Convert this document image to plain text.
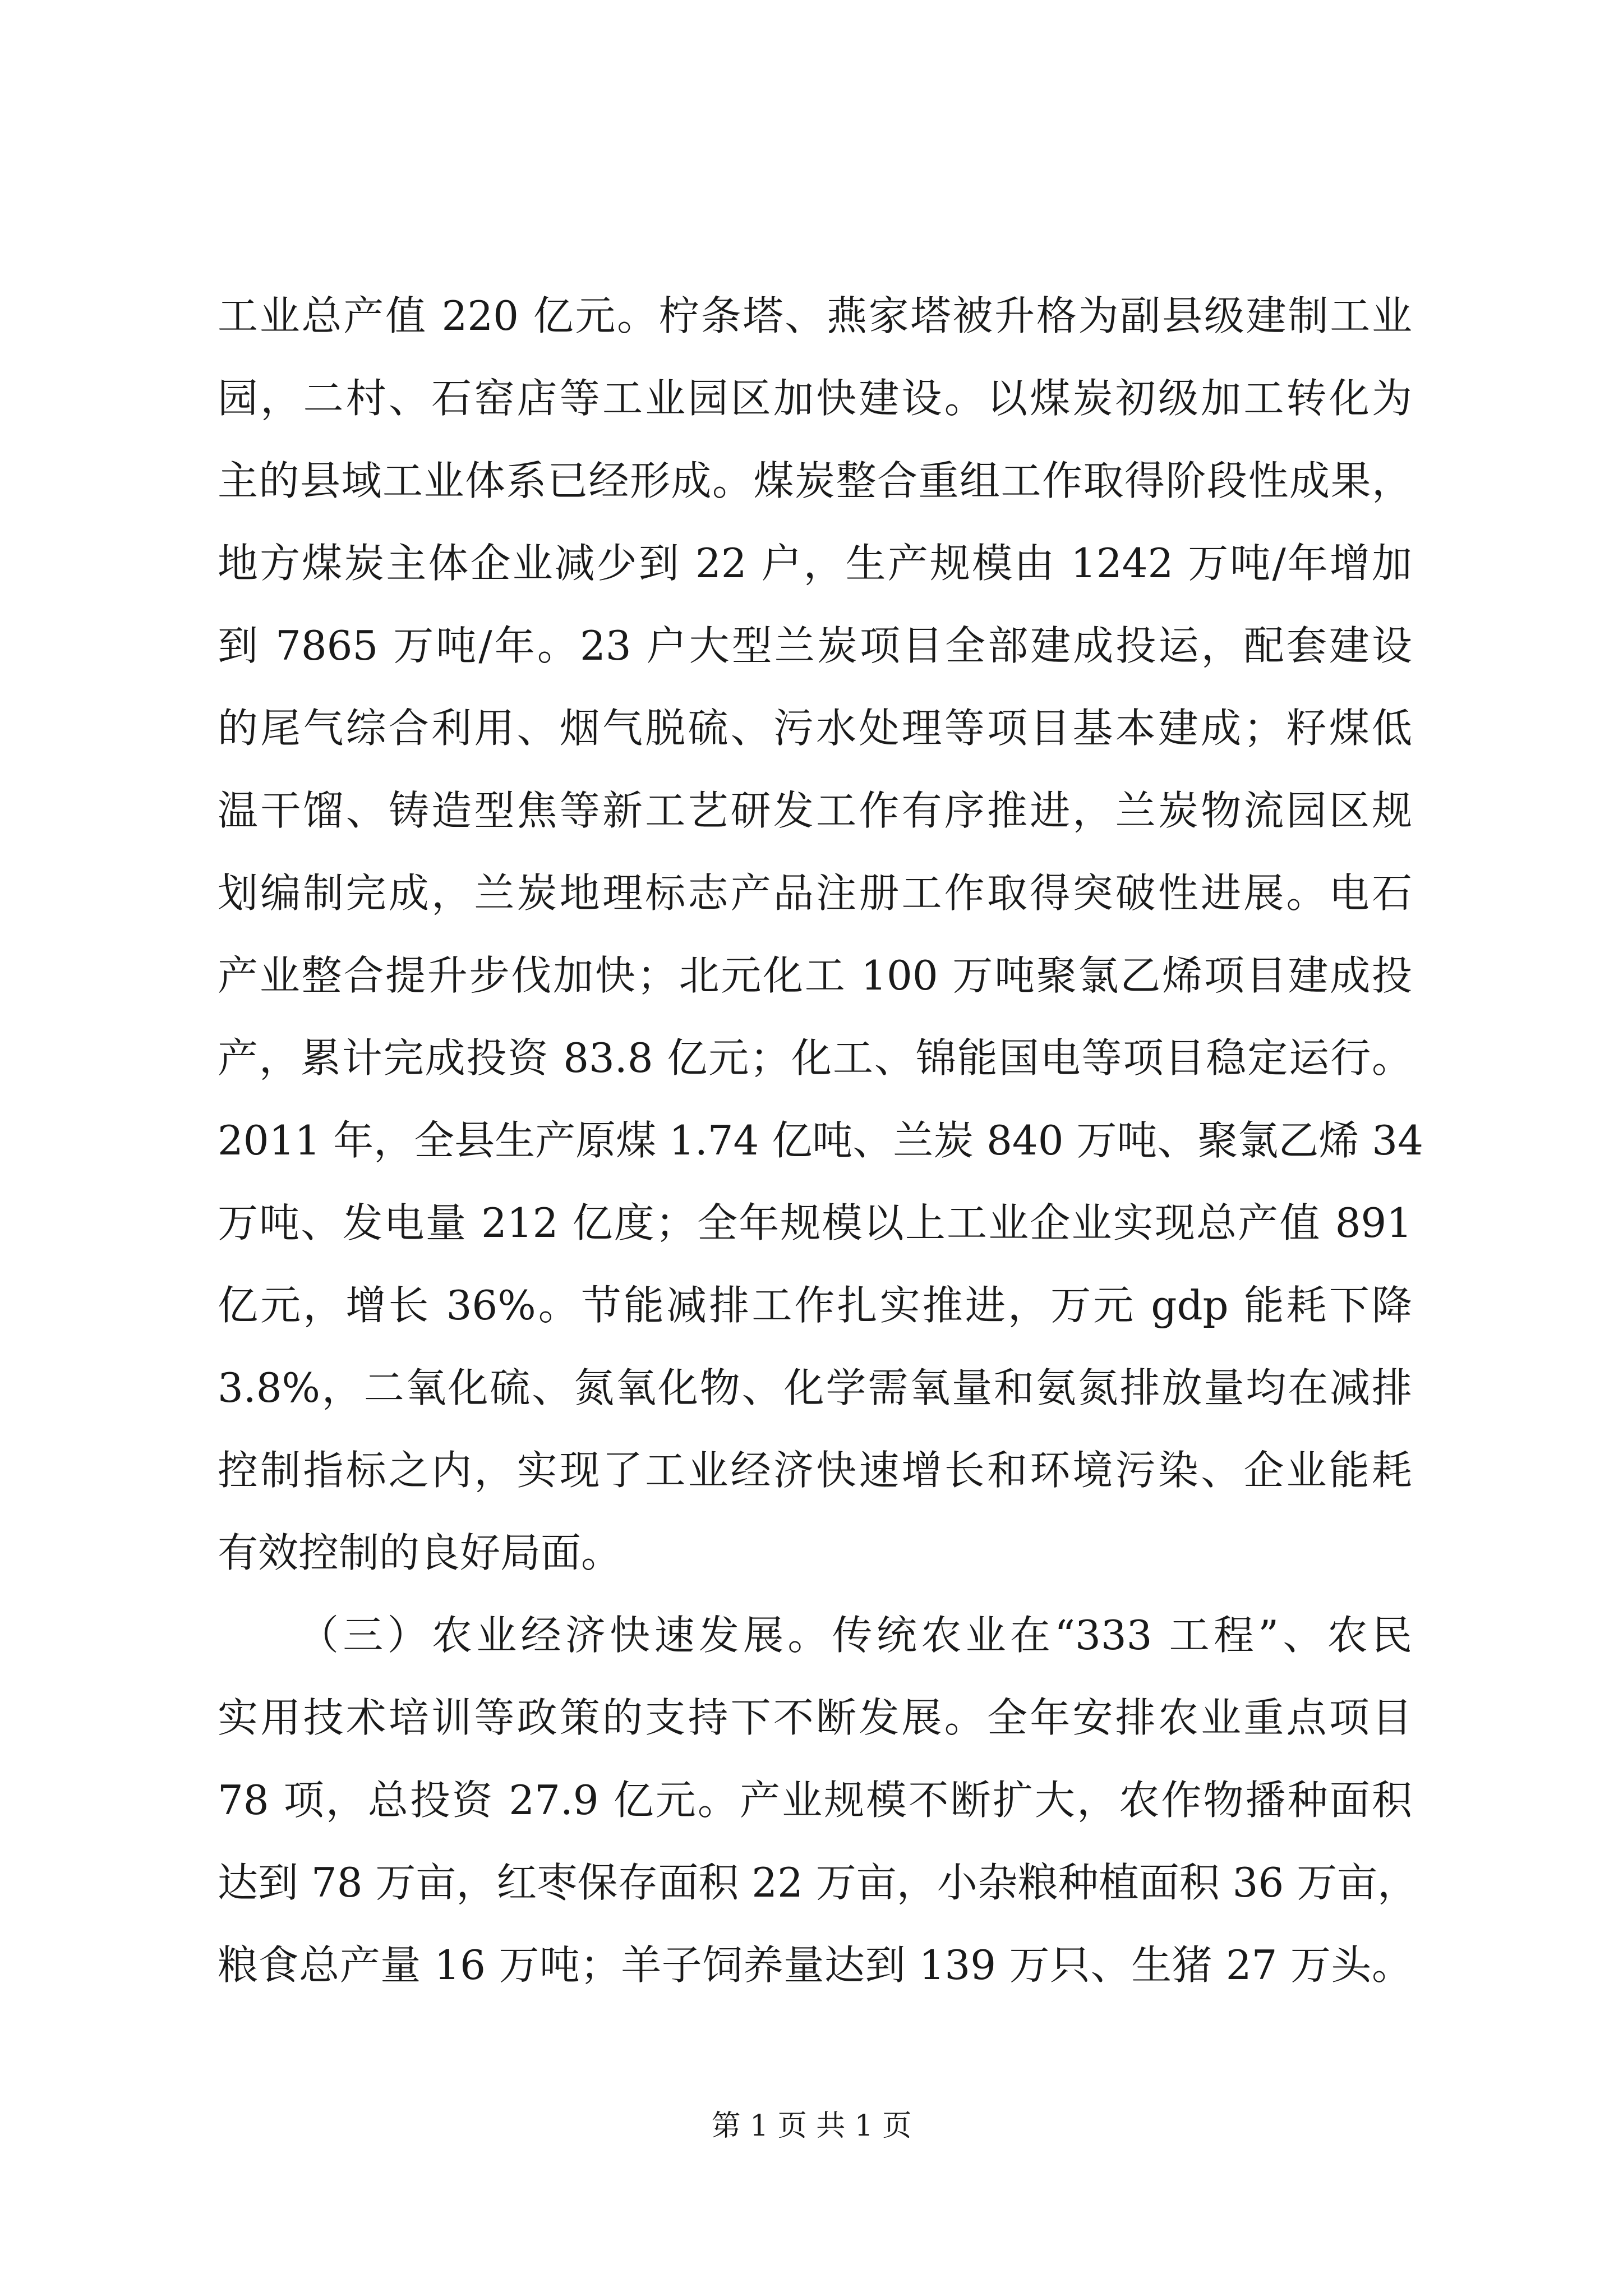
工业总产值 220 亿元。柠条塔、燕家塔被升格为副县级建制工业
园，二村、石窑店等工业园区加快建设。以煤炭初级加工转化为
主的县域工业体系已经形成。煤炭整合重组工作取得阶段性成果，
地方煤炭主体企业减少到 22 户，生产规模由 1242 万吨/年增加
到 7865 万吨/年。23 户大型兰炭项目全部建成投运，配套建设
的尾气综合利用、烟气脱硫、污水处理等项目基本建成；籽煤低
温干馏、铸造型焦等新工艺研发工作有序推进，兰炭物流园区规
划编制完成，兰炭地理标志产品注册工作取得突破性进展。电石
产业整合提升步伐加快；北元化工 100 万吨聚氯乙烯项目建成投
产，累计完成投资 83.8 亿元；化工、锦能国电等项目稳定运行。
2011 年，全县生产原煤 1.74 亿吨、兰炭 840 万吨、聚氯乙烯 34
万吨、发电量 212 亿度；全年规模以上工业企业实现总产值 891
亿元，增长 36%。节能减排工作扎实推进，万元 gdp 能耗下降
3.8%，二氧化硫、氮氧化物、化学需氧量和氨氮排放量均在减排
控制指标之内，实现了工业经济快速增长和环境污染、企业能耗
有效控制的良好局面。
（三）农业经济快速发展。传统农业在“333 工程”、农民
实用技术培训等政策的支持下不断发展。全年安排农业重点项目
78 项，总投资 27.9 亿元。产业规模不断扩大，农作物播种面积
达到 78 万亩，红枣保存面积 22 万亩，小杂粮种植面积 36 万亩，
粮食总产量 16 万吨；羊子饲养量达到 139 万只、生猪 27 万头。
第 1 页 共 1 页
